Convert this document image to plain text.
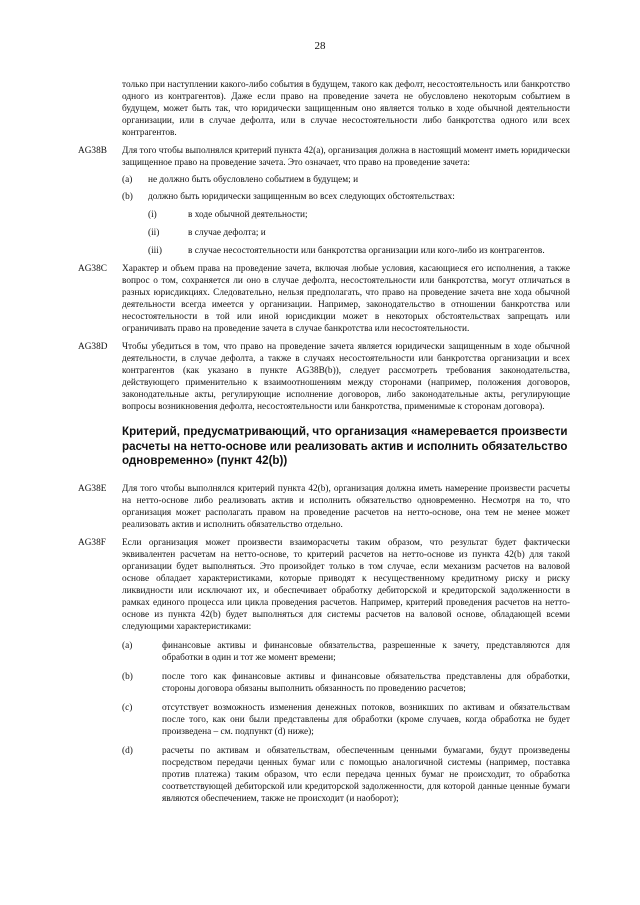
28

только при наступлении какого-либо события в будущем, такого как дефолт, несостоятельность или банкротство одного из контрагентов). Даже если право на проведение зачета не обусловлено некоторым событием в будущем, может быть так, что юридически защищенным оно является только в ходе обычной деятельности организации, или в случае дефолта, или в случае несостоятельности либо банкротства одного или всех контрагентов.

AG38B	Для того чтобы выполнялся критерий пункта 42(a), организация должна в настоящий момент иметь юридически защищенное право на проведение зачета. Это означает, что право на проведение зачета:
(a) не должно быть обусловлено событием в будущем; и
(b) должно быть юридически защищенным во всех следующих обстоятельствах:
(i)	в ходе обычной деятельности;
(ii)	в случае дефолта; и
(iii)	в случае несостоятельности или банкротства организации или кого-либо из контрагентов.
AG38C	Характер и объем права на проведение зачета, включая любые условия, касающиеся его исполнения, а также вопрос о том, сохраняется ли оно в случае дефолта, несостоятельности или банкротства, могут отличаться в разных юрисдикциях. Следовательно, нельзя предполагать, что право на проведение зачета вне хода обычной деятельности всегда имеется у организации. Например, законодательство в отношении банкротства или несостоятельности в той или иной юрисдикции может в некоторых обстоятельствах запрещать или ограничивать право на проведение зачета в случае банкротства или несостоятельности.
AG38D	Чтобы убедиться в том, что право на проведение зачета является юридически защищенным в ходе обычной деятельности, в случае дефолта, а также в случаях несостоятельности или банкротства организации и всех контрагентов (как указано в пункте AG38B(b)), следует рассмотреть требования законодательства, действующего применительно к взаимоотношениям между сторонами (например, положения договоров, законодательные акты, регулирующие исполнение договоров, либо законодательные акты, регулирующие вопросы возникновения дефолта, несостоятельности или банкротства, применимые к сторонам договора).
Критерий, предусматривающий, что организация «намеревается произвести расчеты на нетто-основе или реализовать актив и исполнить обязательство одновременно» (пункт 42(b))
AG38E	Для того чтобы выполнялся критерий пункта 42(b), организация должна иметь намерение произвести расчеты на нетто-основе либо реализовать актив и исполнить обязательство одновременно. Несмотря на то, что организация может располагать правом на проведение расчетов на нетто-основе, она тем не менее может реализовать актив и исполнить обязательство отдельно.
AG38F	Если организация может произвести взаиморасчеты таким образом, что результат будет фактически эквивалентен расчетам на нетто-основе, то критерий расчетов на нетто-основе из пункта 42(b) для такой организации будет выполняться. Это произойдет только в том случае, если механизм расчетов на валовой основе обладает характеристиками, которые приводят к несущественному кредитному риску и риску ликвидности или исключают их, и обеспечивает обработку дебиторской и кредиторской задолженности в рамках единого процесса или цикла проведения расчетов. Например, критерий проведения расчетов на нетто-основе из пункта 42(b) будет выполняться для системы расчетов на валовой основе, обладающей всеми следующими характеристиками:
(a)	финансовые активы и финансовые обязательства, разрешенные к зачету, представляются для обработки в один и тот же момент времени;
(b)	после того как финансовые активы и финансовые обязательства представлены для обработки, стороны договора обязаны выполнить обязанность по проведению расчетов;
(c)	отсутствует возможность изменения денежных потоков, возникших по активам и обязательствам после того, как они были представлены для обработки (кроме случаев, когда обработка не будет произведена – см. подпункт (d) ниже);
(d)	расчеты по активам и обязательствам, обеспеченным ценными бумагами, будут произведены посредством передачи ценных бумаг или с помощью аналогичной системы (например, поставка против платежа) таким образом, что если передача ценных бумаг не происходит, то обработка соответствующей дебиторской или кредиторской задолженности, для которой данные ценные бумаги являются обеспечением, также не происходит (и наоборот);
